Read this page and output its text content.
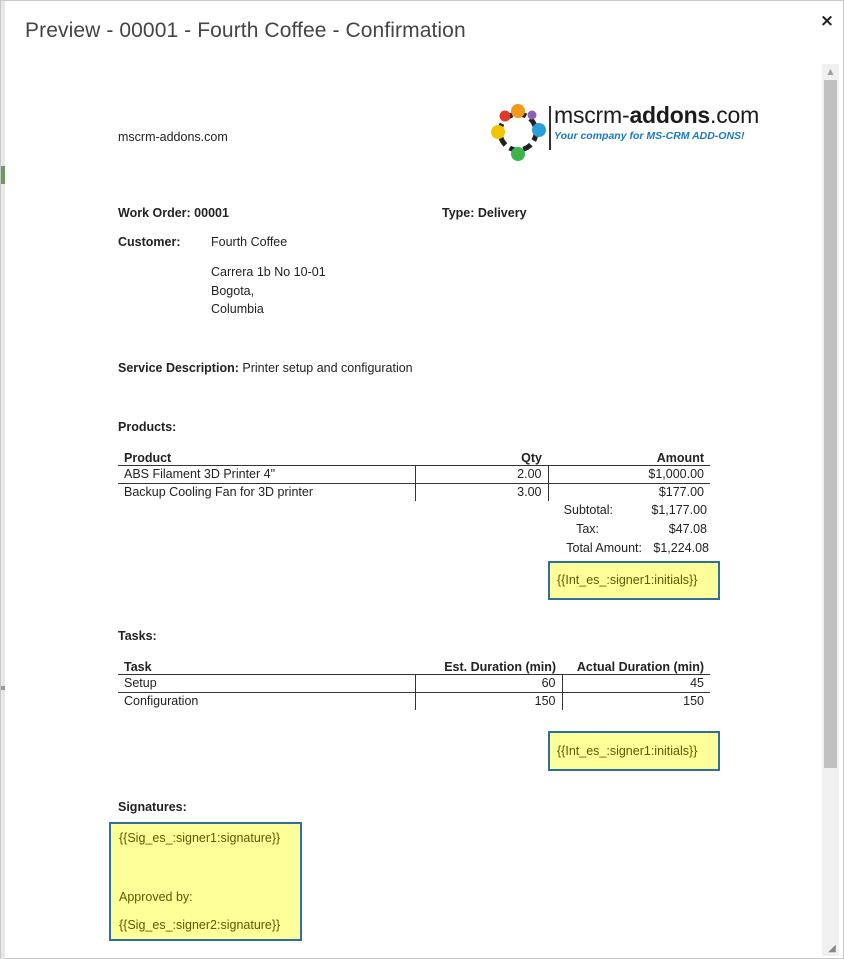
Preview - 00001 - Fourth Coffee - Confirmation	×
▲
◢
mscrm-addons.com
mscrm-addons.com
Your company for MS-CRM ADD-ONS!
Work Order: 00001	Type: Delivery
Customer: Fourth Coffee
Carrera 1b No 10-01
Bogota,
Columbia
Service Description: Printer setup and configuration
Products:
Product	Qty	Amount
ABS Filament 3D Printer 4"	2.00	$1,000.00
Backup Cooling Fan for 3D printer	3.00	$177.00
Subtotal:	$1,177.00
Tax:	$47.08
Total Amount: $1,224.08
{{Int_es_:signer1:initials}}
Tasks:
Task	Est. Duration (min)	Actual Duration (min)
Setup	60	45
Configuration	150	150
{{Int_es_:signer1:initials}}
Signatures:
{{Sig_es_:signer1:signature}}
Approved by:
{{Sig_es_:signer2:signature}}
